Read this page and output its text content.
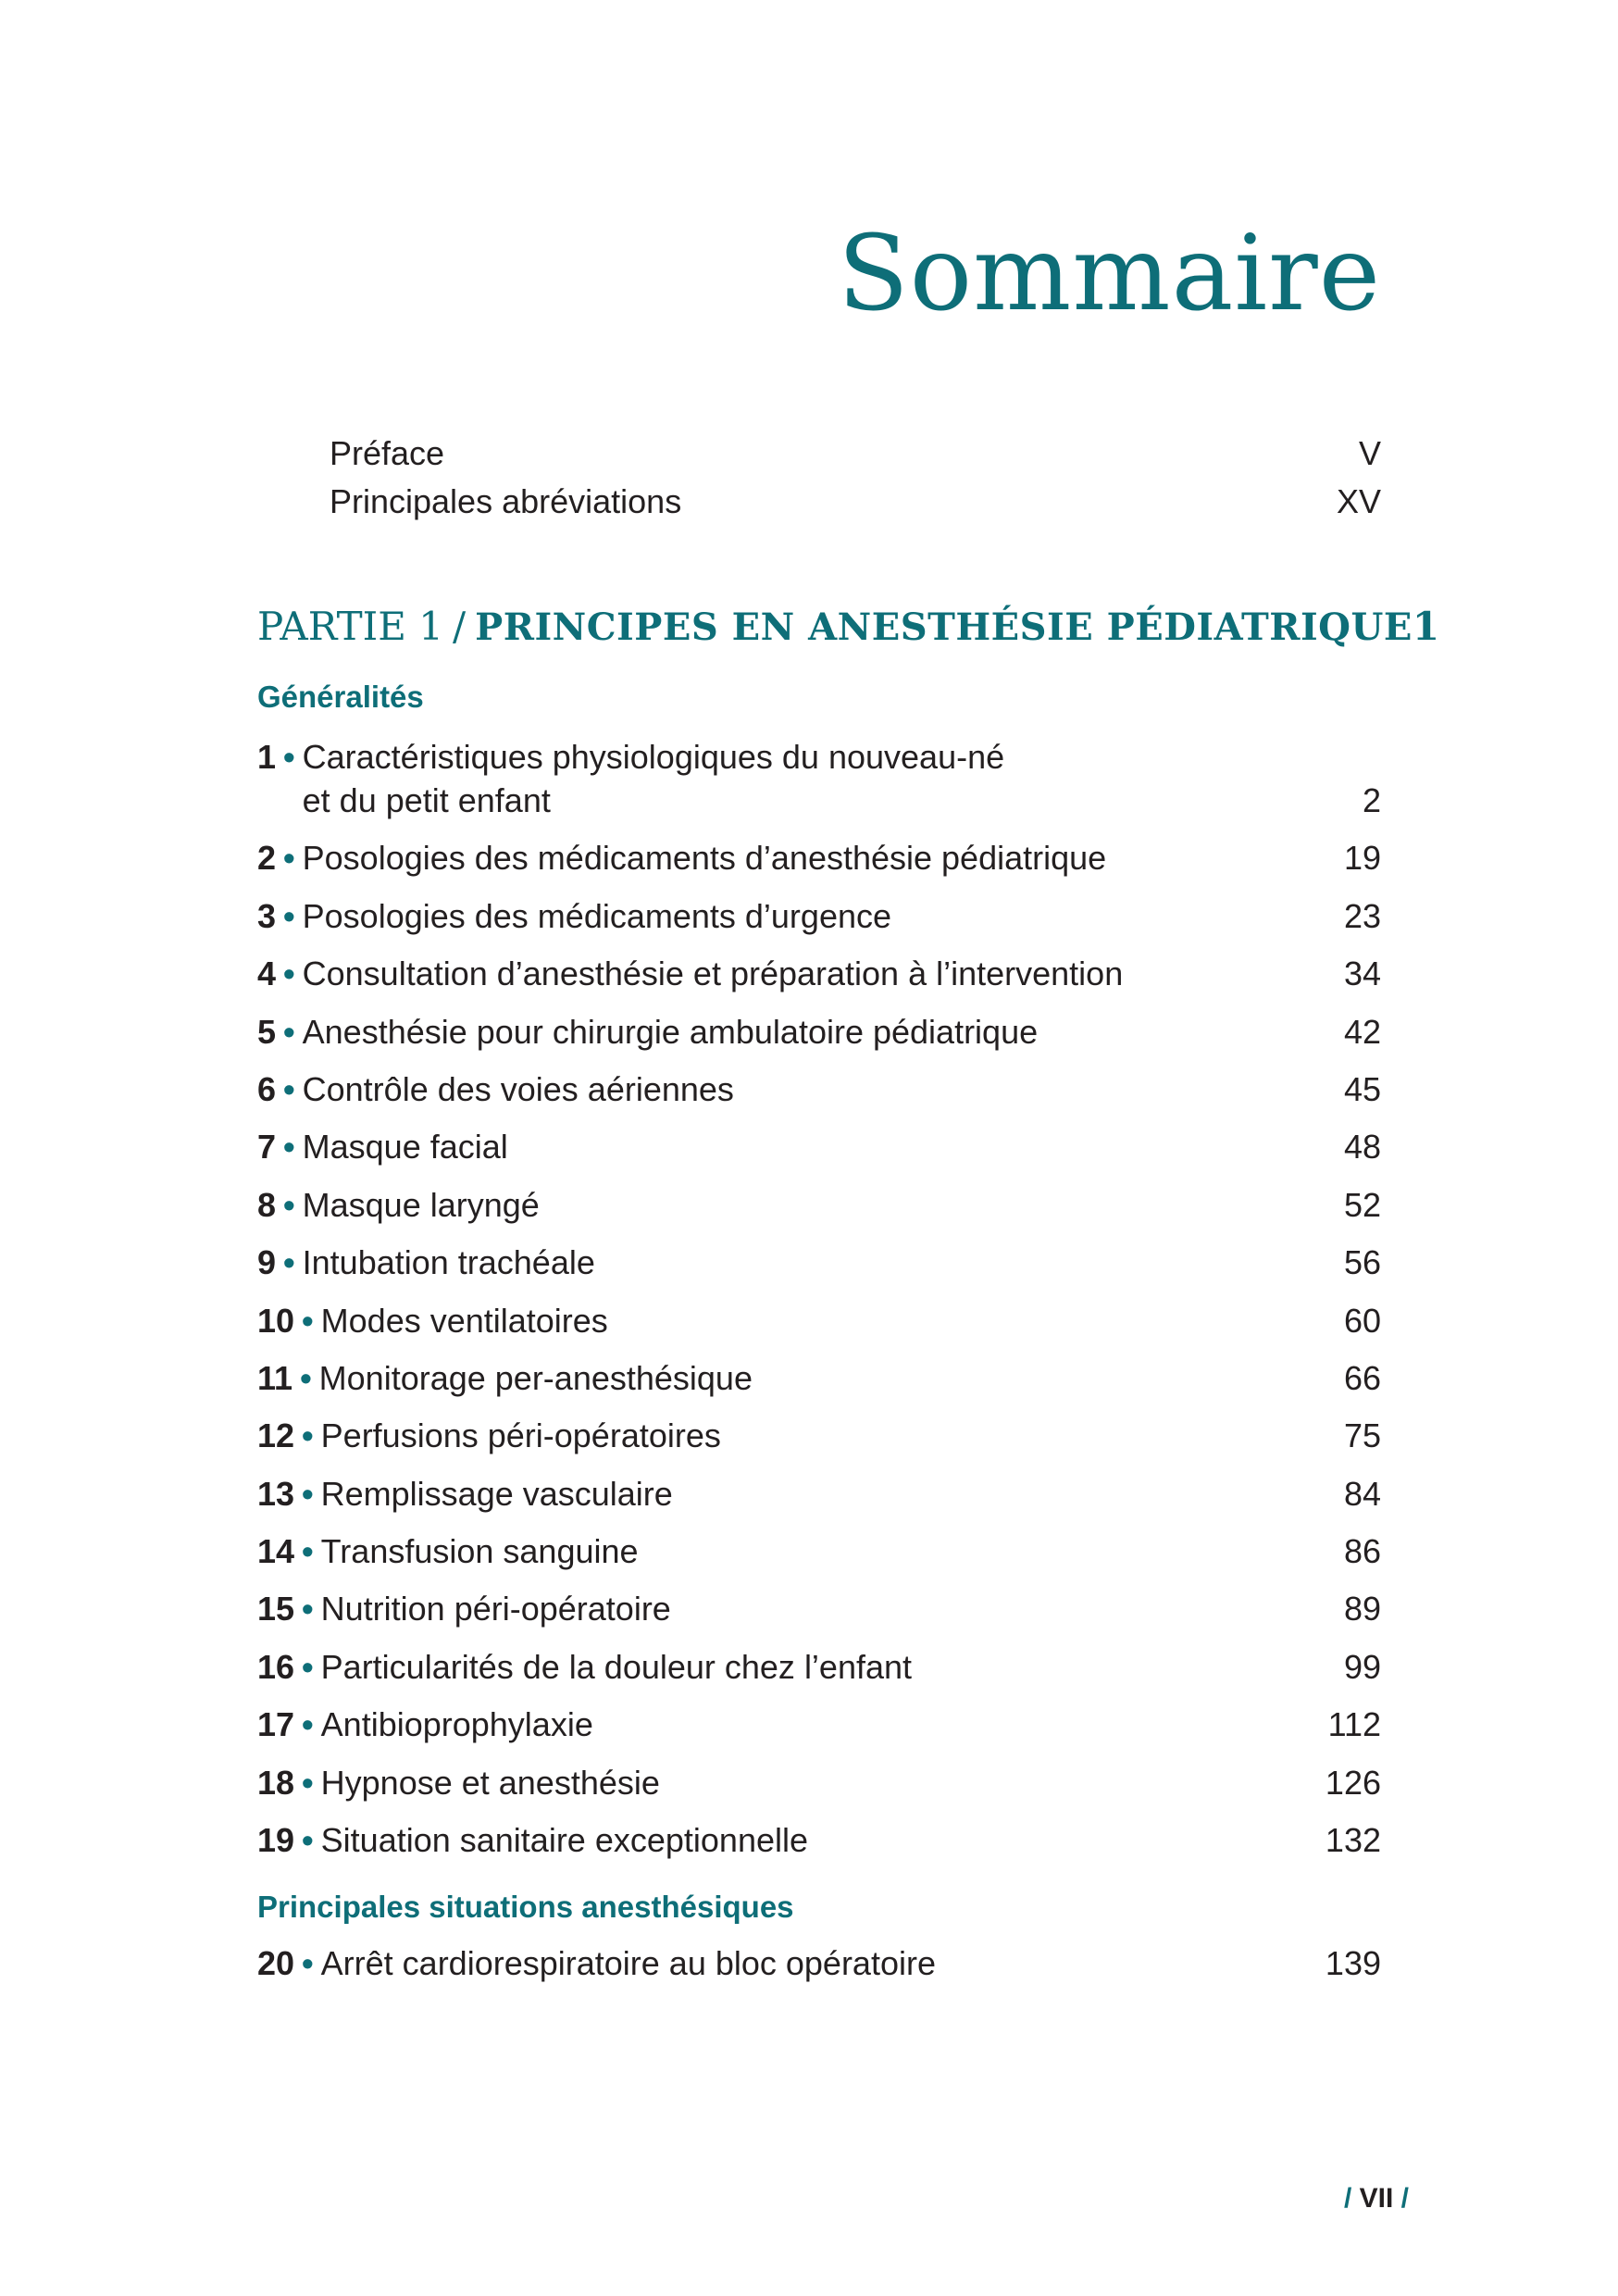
Sommaire
Préface	V
Principales abréviations	XV
PARTIE 1 / PRINCIPES EN ANESTHÉSIE PÉDIATRIQUE 1
Généralités
1 • Caractéristiques physiologiques du nouveau-né
et du petit enfant	2
2 • Posologies des médicaments d’anesthésie pédiatrique	19
3 • Posologies des médicaments d’urgence	23
4 • Consultation d’anesthésie et préparation à l’intervention	34
5 • Anesthésie pour chirurgie ambulatoire pédiatrique	42
6 • Contrôle des voies aériennes	45
7 • Masque facial	48
8 • Masque laryngé	52
9 • Intubation trachéale	56
10 • Modes ventilatoires	60
11 • Monitorage per-anesthésique	66
12 • Perfusions péri-opératoires	75
13 • Remplissage vasculaire	84
14 • Transfusion sanguine	86
15 • Nutrition péri-opératoire	89
16 • Particularités de la douleur chez l’enfant	99
17 • Antibioprophylaxie	112
18 • Hypnose et anesthésie	126
19 • Situation sanitaire exceptionnelle	132
Principales situations anesthésiques
20 • Arrêt cardiorespiratoire au bloc opératoire	139
/ VII /
